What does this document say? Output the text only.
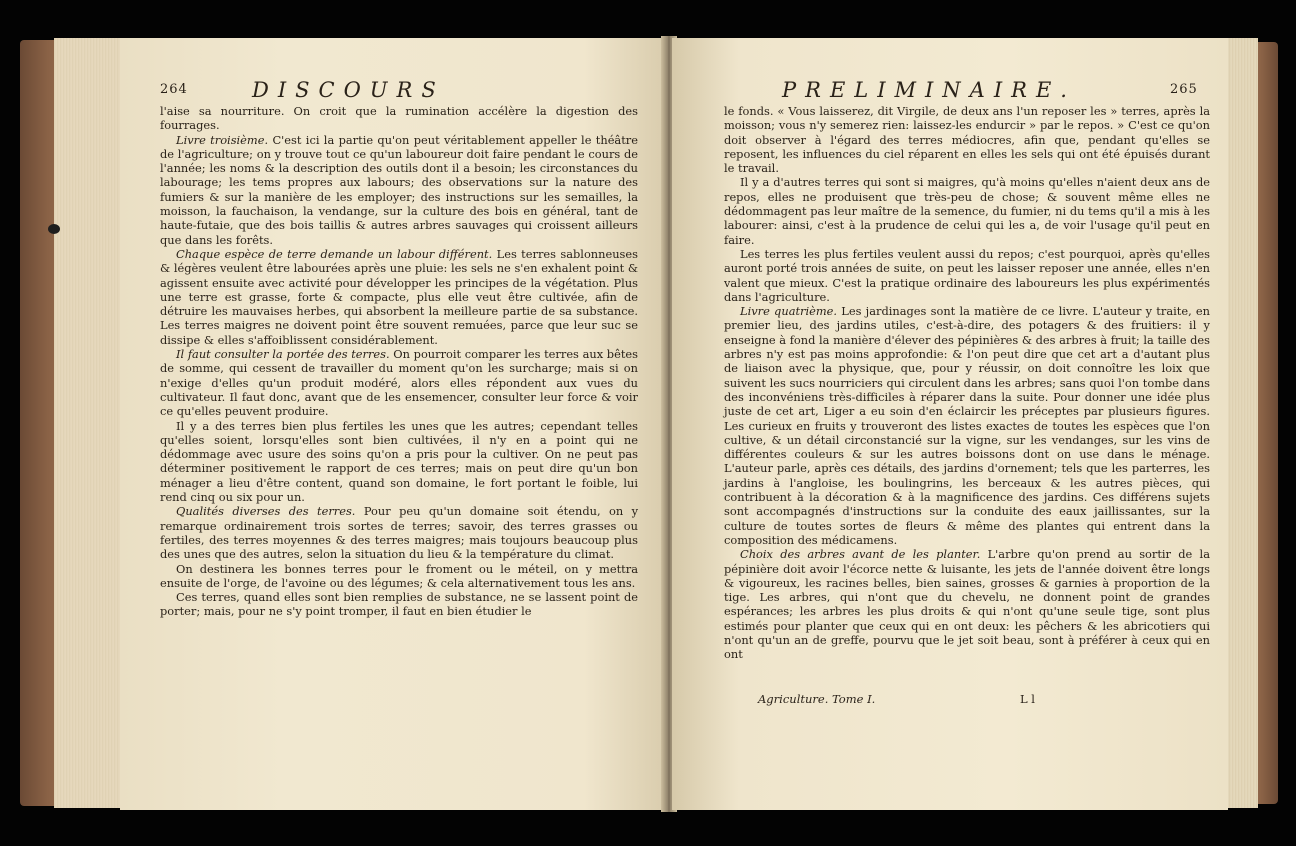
264	DISCOURS

l'aise sa nourriture. On croit que la rumination accélère la digestion des fourrages.

Livre troisième. C'est ici la partie qu'on peut véritablement appeller le théâtre de l'agriculture; on y trouve tout ce qu'un laboureur doit faire pendant le cours de l'année; les noms & la description des outils dont il a besoin; les circonstances du labourage; les tems propres aux labours; des observations sur la nature des fumiers & sur la manière de les employer; des instructions sur les semailles, la moisson, la fauchaison, la vendange, sur la culture des bois en général, tant de haute-futaie, que des bois taillis & autres arbres sauvages qui croissent ailleurs que dans les forêts.

Chaque espèce de terre demande un labour différent. Les terres sablonneuses & légères veulent être labourées après une pluie: les sels ne s'en exhalent point & agissent ensuite avec activité pour développer les principes de la végétation. Plus une terre est grasse, forte & compacte, plus elle veut être cultivée, afin de détruire les mauvaises herbes, qui absorbent la meilleure partie de sa substance. Les terres maigres ne doivent point être souvent remuées, parce que leur suc se dissipe & elles s'affoiblissent considérablement.

Il faut consulter la portée des terres. On pourroit comparer les terres aux bêtes de somme, qui cessent de travailler du moment qu'on les surcharge; mais si on n'exige d'elles qu'un produit modéré, alors elles répondent aux vues du cultivateur. Il faut donc, avant que de les ensemencer, consulter leur force & voir ce qu'elles peuvent produire.

Il y a des terres bien plus fertiles les unes que les autres; cependant telles qu'elles soient, lorsqu'elles sont bien cultivées, il n'y en a point qui ne dédommage avec usure des soins qu'on a pris pour la cultiver. On ne peut pas déterminer positivement le rapport de ces terres; mais on peut dire qu'un bon ménager a lieu d'être content, quand son domaine, le fort portant le foible, lui rend cinq ou six pour un.

Qualités diverses des terres. Pour peu qu'un domaine soit étendu, on y remarque ordinairement trois sortes de terres; savoir, des terres grasses ou fertiles, des terres moyennes & des terres maigres; mais toujours beaucoup plus des unes que des autres, selon la situation du lieu & la température du climat.

On destinera les bonnes terres pour le froment ou le méteil, on y mettra ensuite de l'orge, de l'avoine ou des légumes; & cela alternativement tous les ans.

Ces terres, quand elles sont bien remplies de substance, ne se lassent point de porter; mais, pour ne s'y point tromper, il faut en bien étudier le

PRELIMINAIRE.	265

le fonds. « Vous laisserez, dit Virgile, de deux ans l'un reposer les » terres, après la moisson; vous n'y semerez rien: laissez-les endurcir » par le repos. » C'est ce qu'on doit observer à l'égard des terres médiocres, afin que, pendant qu'elles se reposent, les influences du ciel réparent en elles les sels qui ont été épuisés durant le travail.

Il y a d'autres terres qui sont si maigres, qu'à moins qu'elles n'aient deux ans de repos, elles ne produisent que très-peu de chose; & souvent même elles ne dédommagent pas leur maître de la semence, du fumier, ni du tems qu'il a mis à les labourer: ainsi, c'est à la prudence de celui qui les a, de voir l'usage qu'il peut en faire.

Les terres les plus fertiles veulent aussi du repos; c'est pourquoi, après qu'elles auront porté trois années de suite, on peut les laisser reposer une année, elles n'en valent que mieux. C'est la pratique ordinaire des laboureurs les plus expérimentés dans l'agriculture.

Livre quatrième. Les jardinages sont la matière de ce livre. L'auteur y traite, en premier lieu, des jardins utiles, c'est-à-dire, des potagers & des fruitiers: il y enseigne à fond la manière d'élever des pépinières & des arbres à fruit; la taille des arbres n'y est pas moins approfondie: & l'on peut dire que cet art a d'autant plus de liaison avec la physique, que, pour y réussir, on doit connoître les loix que suivent les sucs nourriciers qui circulent dans les arbres; sans quoi l'on tombe dans des inconvéniens très-difficiles à réparer dans la suite. Pour donner une idée plus juste de cet art, Liger a eu soin d'en éclaircir les préceptes par plusieurs figures. Les curieux en fruits y trouveront des listes exactes de toutes les espèces que l'on cultive, & un détail circonstancié sur la vigne, sur les vendanges, sur les vins de différentes couleurs & sur les autres boissons dont on use dans le ménage. L'auteur parle, après ces détails, des jardins d'ornement; tels que les parterres, les jardins à l'angloise, les boulingrins, les berceaux & les autres pièces, qui contribuent à la décoration & à la magnificence des jardins. Ces différens sujets sont accompagnés d'instructions sur la conduite des eaux jaillissantes, sur la culture de toutes sortes de fleurs & même des plantes qui entrent dans la composition des médicamens.

Choix des arbres avant de les planter. L'arbre qu'on prend au sortir de la pépinière doit avoir l'écorce nette & luisante, les jets de l'année doivent être longs & vigoureux, les racines belles, bien saines, grosses & garnies à proportion de la tige. Les arbres, qui n'ont que du chevelu, ne donnent point de grandes espérances; les arbres les plus droits & qui n'ont qu'une seule tige, sont plus estimés pour planter que ceux qui en ont deux: les pêchers & les abricotiers qui n'ont qu'un an de greffe, pourvu que le jet soit beau, sont à préférer à ceux qui en ont

Agriculture. Tome I.	L l
